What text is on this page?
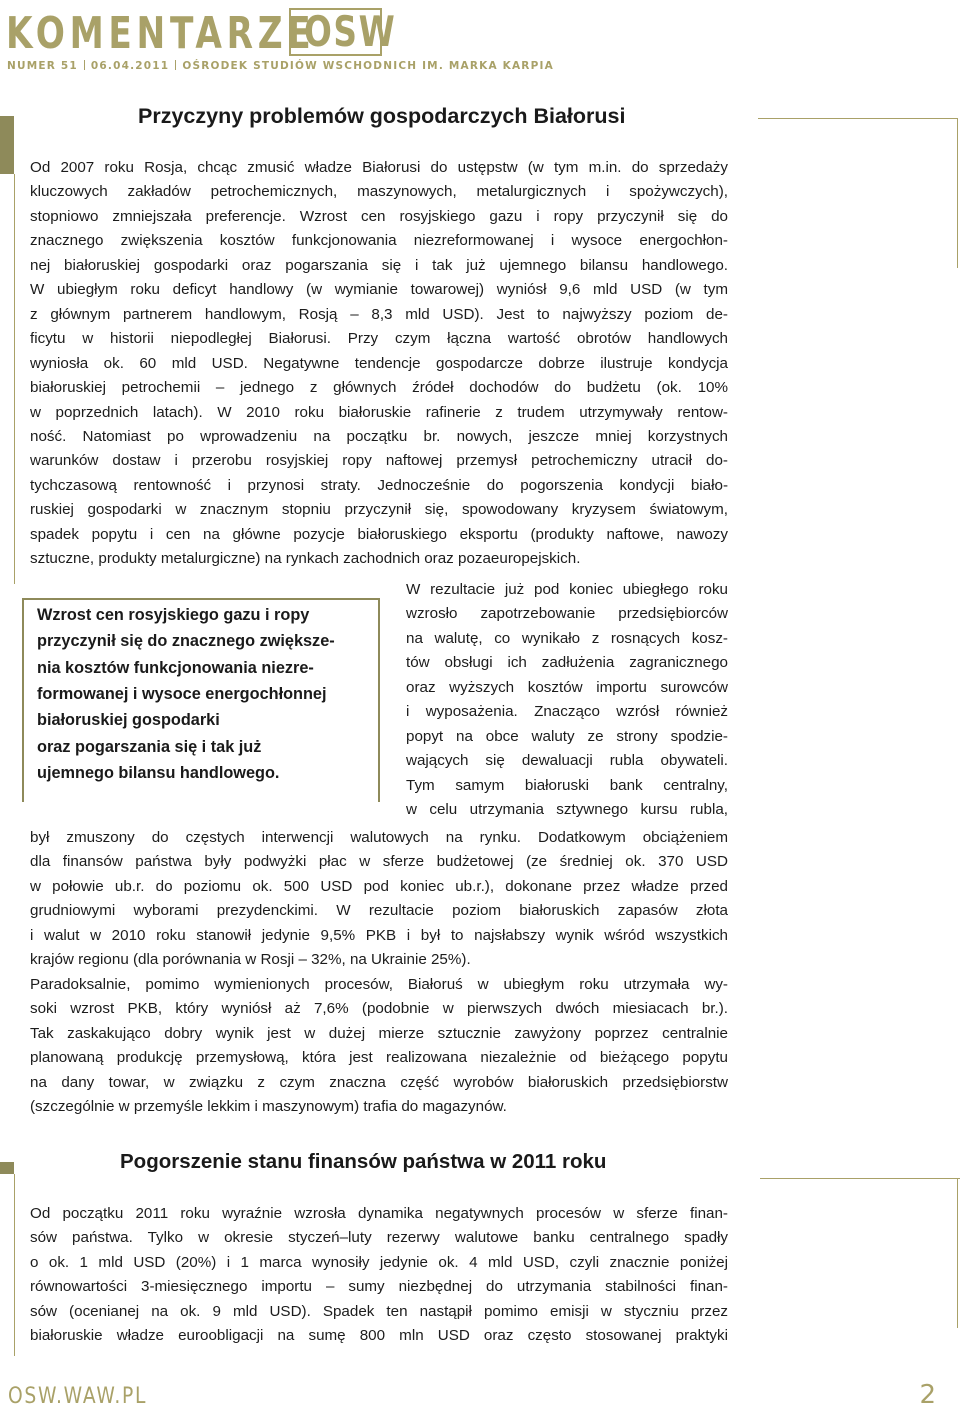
KOMENTARZE
OSW
NUMER 51 06.04.2011 OŚRODEK STUDIÓW WSCHODNICH IM. MARKA KARPIA
Przyczyny problemów gospodarczych Białorusi
Od 2007 roku Rosja, chcąc zmusić władze Białorusi do ustępstw (w tym m.in. do sprzedaży
kluczowych zakładów petrochemicznych, maszynowych, metalurgicznych i spożywczych),
stopniowo zmniejszała preferencje. Wzrost cen rosyjskiego gazu i ropy przyczynił się do
znacznego zwiększenia kosztów funkcjonowania niezreformowanej i wysoce energochłon-
nej białoruskiej gospodarki oraz pogarszania się i tak już ujemnego bilansu handlowego.
W ubiegłym roku deficyt handlowy (w wymianie towarowej) wyniósł 9,6 mld USD (w tym
z głównym partnerem handlowym, Rosją – 8,3 mld USD). Jest to najwyższy poziom de-
ficytu w historii niepodległej Białorusi. Przy czym łączna wartość obrotów handlowych
wyniosła ok. 60 mld USD. Negatywne tendencje gospodarcze dobrze ilustruje kondycja
białoruskiej petrochemii – jednego z głównych źródeł dochodów do budżetu (ok. 10%
w poprzednich latach). W 2010 roku białoruskie rafinerie z trudem utrzymywały rentow-
ność. Natomiast po wprowadzeniu na początku br. nowych, jeszcze mniej korzystnych
warunków dostaw i przerobu rosyjskiej ropy naftowej przemysł petrochemiczny utracił do-
tychczasową rentowność i przynosi straty. Jednocześnie do pogorszenia kondycji biało-
ruskiej gospodarki w znacznym stopniu przyczynił się, spowodowany kryzysem światowym,
spadek popytu i cen na główne pozycje białoruskiego eksportu (produkty naftowe, nawozy
sztuczne, produkty metalurgiczne) na rynkach zachodnich oraz pozaeuropejskich.
W rezultacie już pod koniec ubiegłego roku
wzrosło zapotrzebowanie przedsiębiorców
na walutę, co wynikało z rosnących kosz-
tów obsługi ich zadłużenia zagranicznego
oraz wyższych kosztów importu surowców
i wyposażenia. Znacząco wzrósł również
popyt na obce waluty ze strony spodzie-
wających się dewaluacji rubla obywateli.
Tym samym białoruski bank centralny,
w celu utrzymania sztywnego kursu rubla,
był zmuszony do częstych interwencji walutowych na rynku. Dodatkowym obciążeniem
dla finansów państwa były podwyżki płac w sferze budżetowej (ze średniej ok. 370 USD
w połowie ub.r. do poziomu ok. 500 USD pod koniec ub.r.), dokonane przez władze przed
grudniowymi wyborami prezydenckimi. W rezultacie poziom białoruskich zapasów złota
i walut w 2010 roku stanowił jedynie 9,5% PKB i był to najsłabszy wynik wśród wszystkich
krajów regionu (dla porównania w Rosji – 32%, na Ukrainie 25%).
Paradoksalnie, pomimo wymienionych procesów, Białoruś w ubiegłym roku utrzymała wy-
soki wzrost PKB, który wyniósł aż 7,6% (podobnie w pierwszych dwóch miesiacach br.).
Tak zaskakująco dobry wynik jest w dużej mierze sztucznie zawyżony poprzez centralnie
planowaną produkcję przemysłową, która jest realizowana niezależnie od bieżącego popytu
na dany towar, w związku z czym znaczna część wyrobów białoruskich przedsiębiorstw
(szczególnie w przemyśle lekkim i maszynowym) trafia do magazynów.
Wzrost cen rosyjskiego gazu i ropy
przyczynił się do znacznego zwiększe-
nia kosztów funkcjonowania niezre-
formowanej i wysoce energochłonnej
białoruskiej gospodarki
oraz pogarszania się i tak już
ujemnego bilansu handlowego.
Pogorszenie stanu finansów państwa w 2011 roku
Od początku 2011 roku wyraźnie wzrosła dynamika negatywnych procesów w sferze finan-
sów państwa. Tylko w okresie styczeń–luty rezerwy walutowe banku centralnego spadły
o ok. 1 mld USD (20%) i 1 marca wynosiły jedynie ok. 4 mld USD, czyli znacznie poniżej
równowartości 3-miesięcznego importu – sumy niezbędnej do utrzymania stabilności finan-
sów (ocenianej na ok. 9 mld USD). Spadek ten nastąpił pomimo emisji w styczniu przez
białoruskie władze euroobligacji na sumę 800 mln USD oraz często stosowanej praktyki
OSW.WAW.PL	2
